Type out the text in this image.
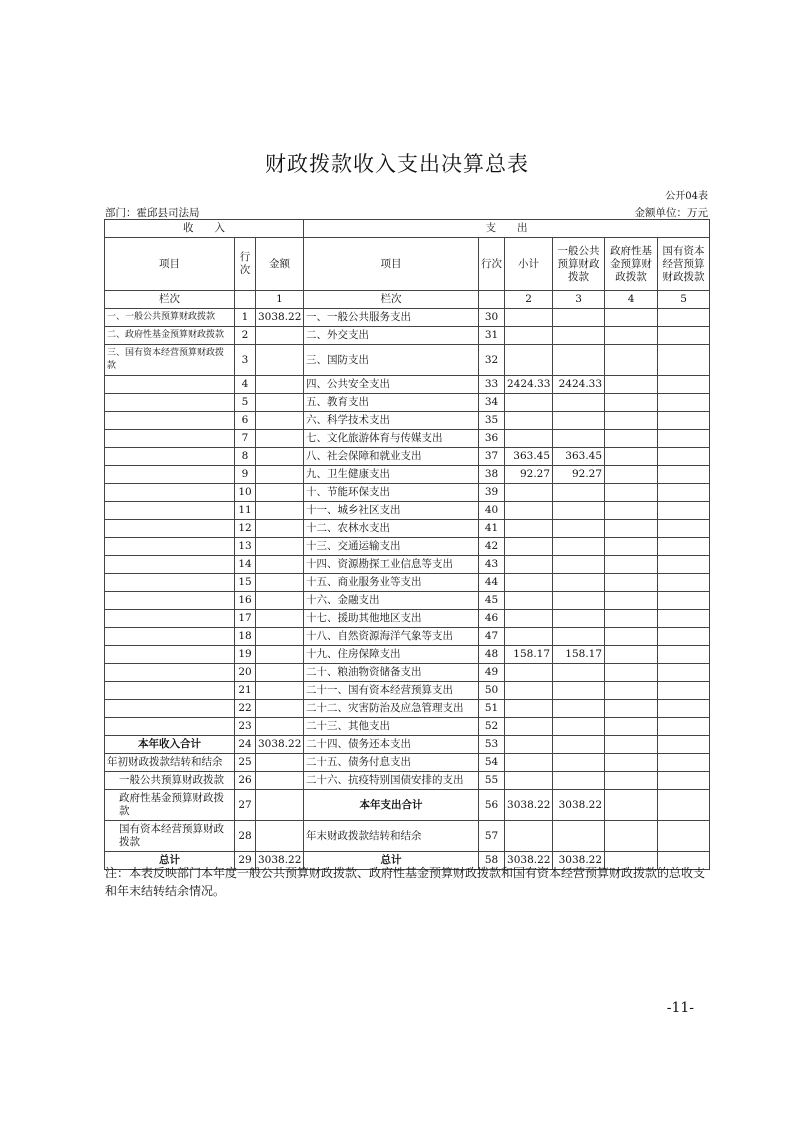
财政拨款收入支出决算总表
公开04表
部门：霍邱县司法局	金额单位：万元
收　　入			支　　出					
项目	行次	金额	项目	行次	小计	一般公共预算财政拨款	政府性基金预算财政拨款	国有资本经营预算财政拨款
栏次		1	栏次		2	3	4	5
一、一般公共预算财政拨款	1	3038.22	一、一般公共服务支出	30				
二、政府性基金预算财政拨款	2		二、外交支出	31				
三、国有资本经营预算财政拨款	3		三、国防支出	32				
	4		四、公共安全支出	33	2424.33	2424.33		
	5		五、教育支出	34				
	6		六、科学技术支出	35				
	7		七、文化旅游体育与传媒支出	36				
	8		八、社会保障和就业支出	37	363.45	363.45		
	9		九、卫生健康支出	38	92.27	92.27		
	10		十、节能环保支出	39				
	11		十一、城乡社区支出	40				
	12		十二、农林水支出	41				
	13		十三、交通运输支出	42				
	14		十四、资源勘探工业信息等支出	43				
	15		十五、商业服务业等支出	44				
	16		十六、金融支出	45				
	17		十七、援助其他地区支出	46				
	18		十八、自然资源海洋气象等支出	47				
	19		十九、住房保障支出	48	158.17	158.17		
	20		二十、粮油物资储备支出	49				
	21		二十一、国有资本经营预算支出	50				
	22		二十二、灾害防治及应急管理支出	51				
	23		二十三、其他支出	52				
本年收入合计	24	3038.22	二十四、债务还本支出	53				
年初财政拨款结转和结余	25		二十五、债务付息支出	54				
一般公共预算财政拨款	26		二十六、抗疫特别国债安排的支出	55				
政府性基金预算财政拨款	27		本年支出合计	56	3038.22	3038.22		
国有资本经营预算财政拨款	28		年末财政拨款结转和结余	57				
总计	29	3038.22	总计	58	3038.22	3038.22		
注：本表反映部门本年度一般公共预算财政拨款、政府性基金预算财政拨款和国有资本经营预算财政拨款的总收支和年末结转结余情况。
-11-
